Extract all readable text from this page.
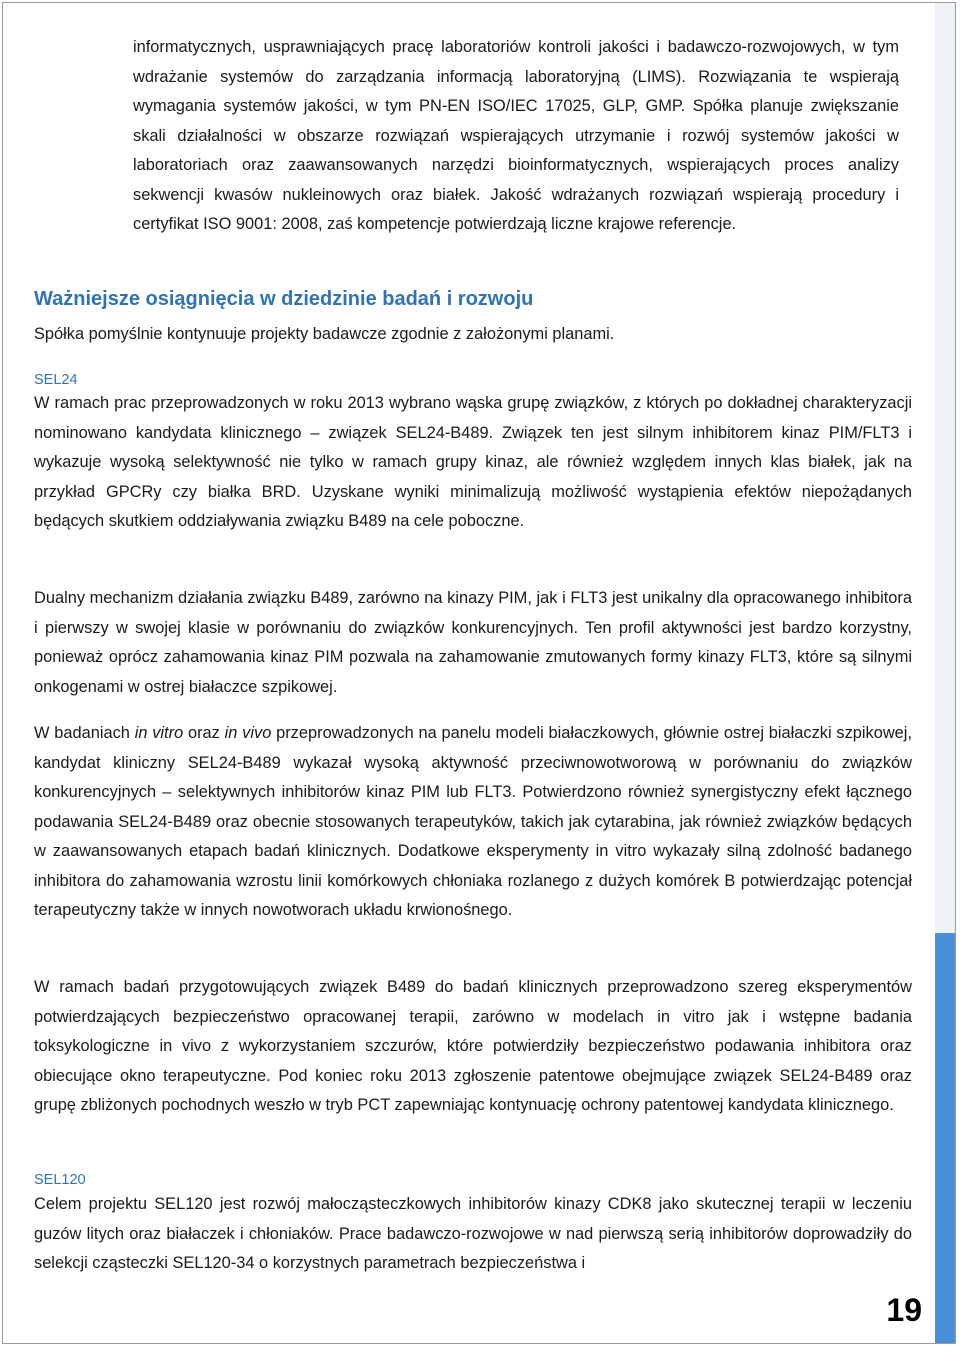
informatycznych, usprawniających pracę laboratoriów kontroli jakości i badawczo-rozwojowych, w tym wdrażanie systemów do zarządzania informacją laboratoryjną (LIMS). Rozwiązania te wspierają wymagania systemów jakości, w tym PN-EN ISO/IEC 17025, GLP, GMP. Spółka planuje zwiększanie skali działalności w obszarze rozwiązań wspierających utrzymanie i rozwój systemów jakości w laboratoriach oraz zaawansowanych narzędzi bioinformatycznych, wspierających proces analizy sekwencji kwasów nukleinowych oraz białek. Jakość wdrażanych rozwiązań wspierają procedury i certyfikat ISO 9001: 2008, zaś kompetencje potwierdzają liczne krajowe referencje.

Ważniejsze osiągnięcia w dziedzinie badań i rozwoju

Spółka pomyślnie kontynuuje projekty badawcze zgodnie z założonymi planami.

SEL24

W ramach prac przeprowadzonych w roku 2013 wybrano wąska grupę związków, z których po dokładnej charakteryzacji nominowano kandydata klinicznego – związek SEL24-B489. Związek ten jest silnym inhibitorem kinaz PIM/FLT3 i wykazuje wysoką selektywność nie tylko w ramach grupy kinaz, ale również względem innych klas białek, jak na przykład GPCRy czy białka BRD. Uzyskane wyniki minimalizują możliwość wystąpienia efektów niepożądanych będących skutkiem oddziaływania związku B489 na cele poboczne.

Dualny mechanizm działania związku B489, zarówno na kinazy PIM, jak i FLT3 jest unikalny dla opracowanego inhibitora i pierwszy w swojej klasie w porównaniu do związków konkurencyjnych. Ten profil aktywności jest bardzo korzystny, ponieważ oprócz zahamowania kinaz PIM pozwala na zahamowanie zmutowanych formy kinazy FLT3, które są silnymi onkogenami w ostrej białaczce szpikowej.

W badaniach in vitro oraz in vivo przeprowadzonych na panelu modeli białaczkowych, głównie ostrej białaczki szpikowej, kandydat kliniczny SEL24-B489 wykazał wysoką aktywność przeciwnowotworową w porównaniu do związków konkurencyjnych – selektywnych inhibitorów kinaz PIM lub FLT3. Potwierdzono również synergistyczny efekt łącznego podawania SEL24-B489 oraz obecnie stosowanych terapeutyków, takich jak cytarabina, jak również związków będących w zaawansowanych etapach badań klinicznych. Dodatkowe eksperymenty in vitro wykazały silną zdolność badanego inhibitora do zahamowania wzrostu linii komórkowych chłoniaka rozlanego z dużych komórek B potwierdzając potencjał terapeutyczny także w innych nowotworach układu krwionośnego.

W ramach badań przygotowujących związek B489 do badań klinicznych przeprowadzono szereg eksperymentów potwierdzających bezpieczeństwo opracowanej terapii, zarówno w modelach in vitro jak i wstępne badania toksykologiczne in vivo z wykorzystaniem szczurów, które potwierdziły bezpieczeństwo podawania inhibitora oraz obiecujące okno terapeutyczne. Pod koniec roku 2013 zgłoszenie patentowe obejmujące związek SEL24-B489 oraz grupę zbliżonych pochodnych weszło w tryb PCT zapewniając kontynuację ochrony patentowej kandydata klinicznego.

SEL120

Celem projektu SEL120 jest rozwój małocząsteczkowych inhibitorów kinazy CDK8 jako skutecznej terapii w leczeniu guzów litych oraz białaczek i chłoniaków. Prace badawczo-rozwojowe w nad pierwszą serią inhibitorów doprowadziły do selekcji cząsteczki SEL120-34 o korzystnych parametrach bezpieczeństwa i

19
